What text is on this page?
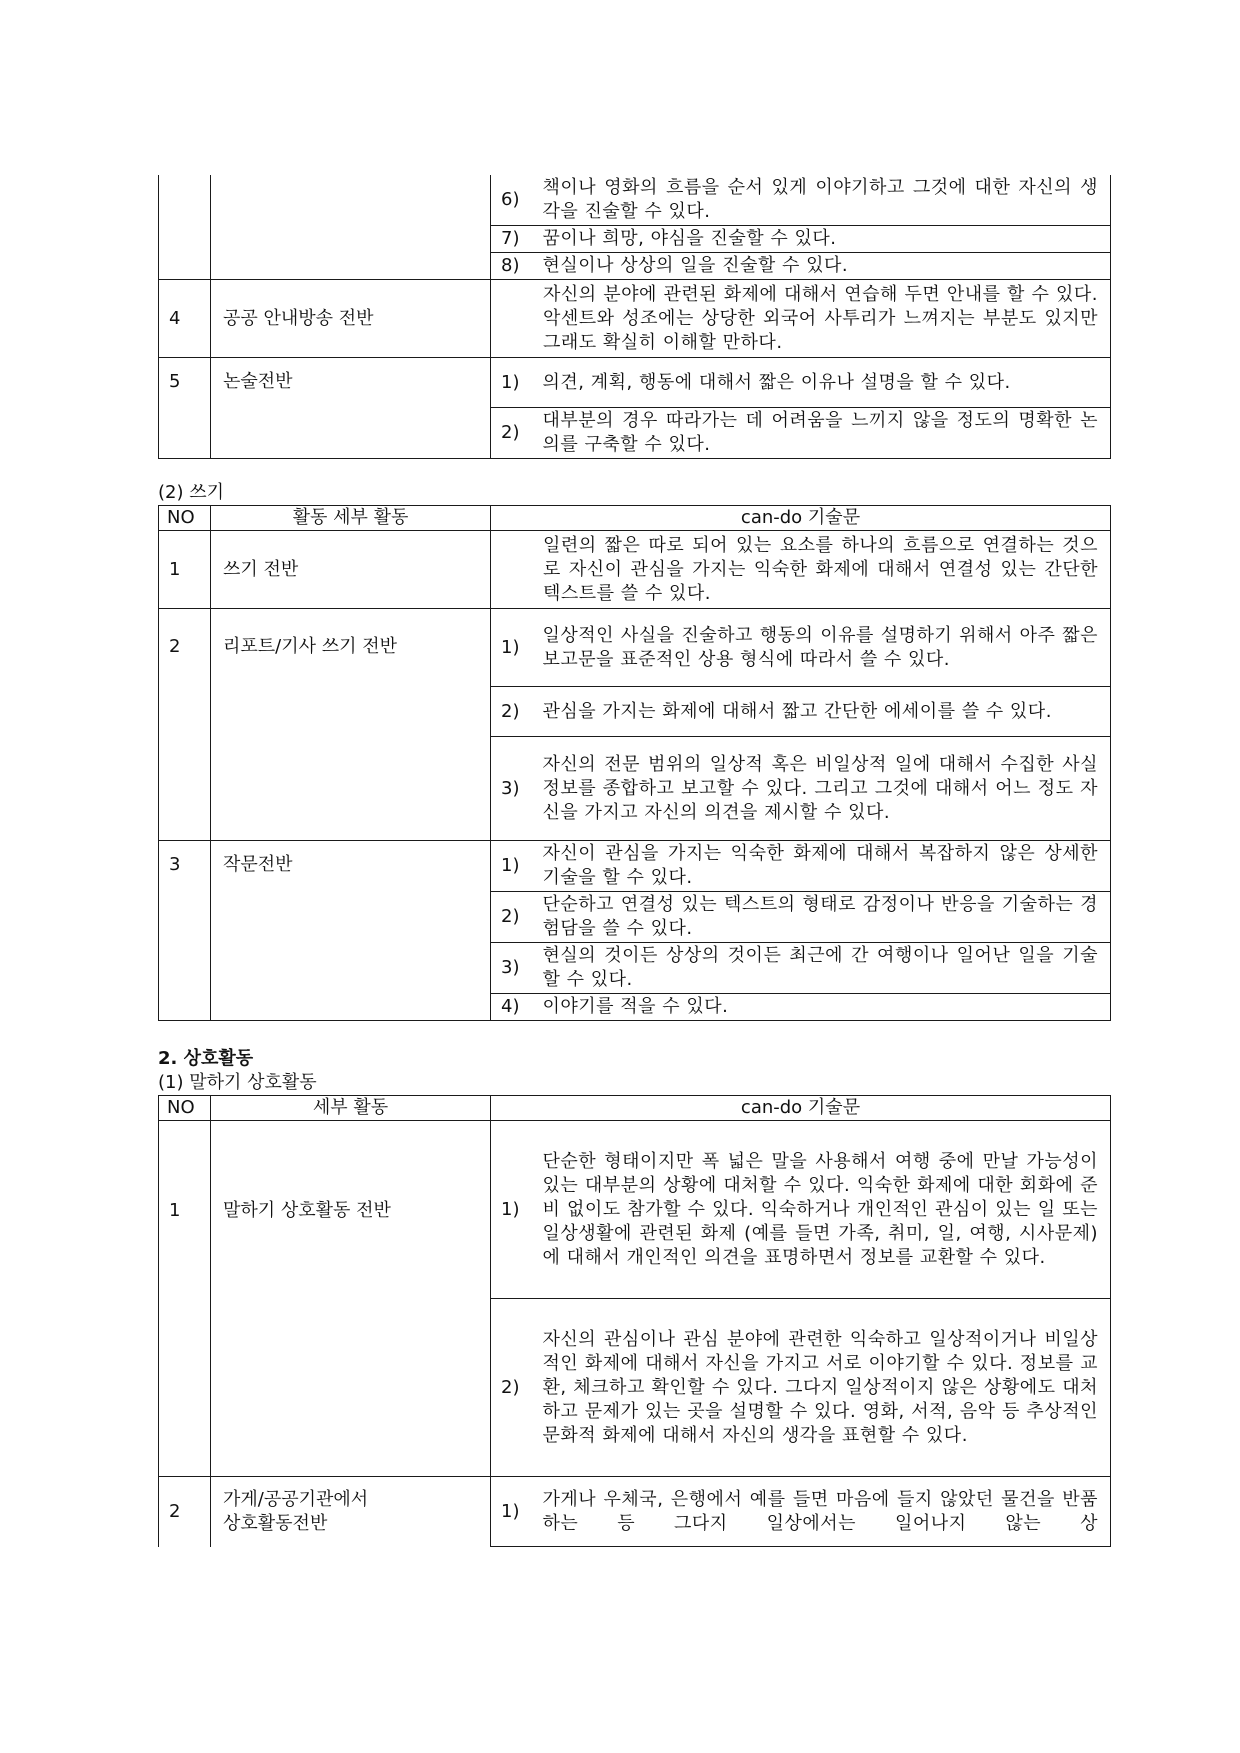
		6)	책이나 영화의 흐름을 순서 있게 이야기하고 그것에 대한 자신의 생각을 진술할 수 있다.
		7)	꿈이나 희망, 야심을 진술할 수 있다.
		8)	현실이나 상상의 일을 진술할 수 있다.
4	공공 안내방송 전반	자신의 분야에 관련된 화제에 대해서 연습해 두면 안내를 할 수 있다. 악센트와 성조에는 상당한 외국어 사투리가 느껴지는 부분도 있지만 그래도 확실히 이해할 만하다.	
5	논술전반	1)	의견, 계획, 행동에 대해서 짧은 이유나 설명을 할 수 있다.
		2)	대부분의 경우 따라가는 데 어려움을 느끼지 않을 정도의 명확한 논의를 구축할 수 있다.
(2) 쓰기
NO	활동 세부 활동	can-do 기술문	
1	쓰기 전반	일련의 짧은 따로 되어 있는 요소를 하나의 흐름으로 연결하는 것으로 자신이 관심을 가지는 익숙한 화제에 대해서 연결성 있는 간단한 텍스트를 쓸 수 있다.	
2	리포트/기사 쓰기 전반	1)	일상적인 사실을 진술하고 행동의 이유를 설명하기 위해서 아주 짧은 보고문을 표준적인 상용 형식에 따라서 쓸 수 있다.
		2)	관심을 가지는 화제에 대해서 짧고 간단한 에세이를 쓸 수 있다.
		3)	자신의 전문 범위의 일상적 혹은 비일상적 일에 대해서 수집한 사실 정보를 종합하고 보고할 수 있다. 그리고 그것에 대해서 어느 정도 자신을 가지고 자신의 의견을 제시할 수 있다.
3	작문전반	1)	자신이 관심을 가지는 익숙한 화제에 대해서 복잡하지 않은 상세한 기술을 할 수 있다.
		2)	단순하고 연결성 있는 텍스트의 형태로 감정이나 반응을 기술하는 경험담을 쓸 수 있다.
		3)	현실의 것이든 상상의 것이든 최근에 간 여행이나 일어난 일을 기술할 수 있다.
		4)	이야기를 적을 수 있다.
2. 상호활동
(1) 말하기 상호활동
NO	세부 활동	can-do 기술문	
1	말하기 상호활동 전반	1)	단순한 형태이지만 폭 넓은 말을 사용해서 여행 중에 만날 가능성이 있는 대부분의 상황에 대처할 수 있다. 익숙한 화제에 대한 회화에 준비 없이도 참가할 수 있다. 익숙하거나 개인적인 관심이 있는 일 또는 일상생활에 관련된 화제 (예를 들면 가족, 취미, 일, 여행, 시사문제)에 대해서 개인적인 의견을 표명하면서 정보를 교환할 수 있다.
		2)	자신의 관심이나 관심 분야에 관련한 익숙하고 일상적이거나 비일상적인 화제에 대해서 자신을 가지고 서로 이야기할 수 있다. 정보를 교환, 체크하고 확인할 수 있다. 그다지 일상적이지 않은 상황에도 대처하고 문제가 있는 곳을 설명할 수 있다. 영화, 서적, 음악 등 추상적인 문화적 화제에 대해서 자신의 생각을 표현할 수 있다.
2	가게/공공기관에서
상호활동전반	1)	가게나 우체국, 은행에서 예를 들면 마음에 들지 않았던 물건을 반품하는 등 그다지 일상에서는 일어나지 않는 상
